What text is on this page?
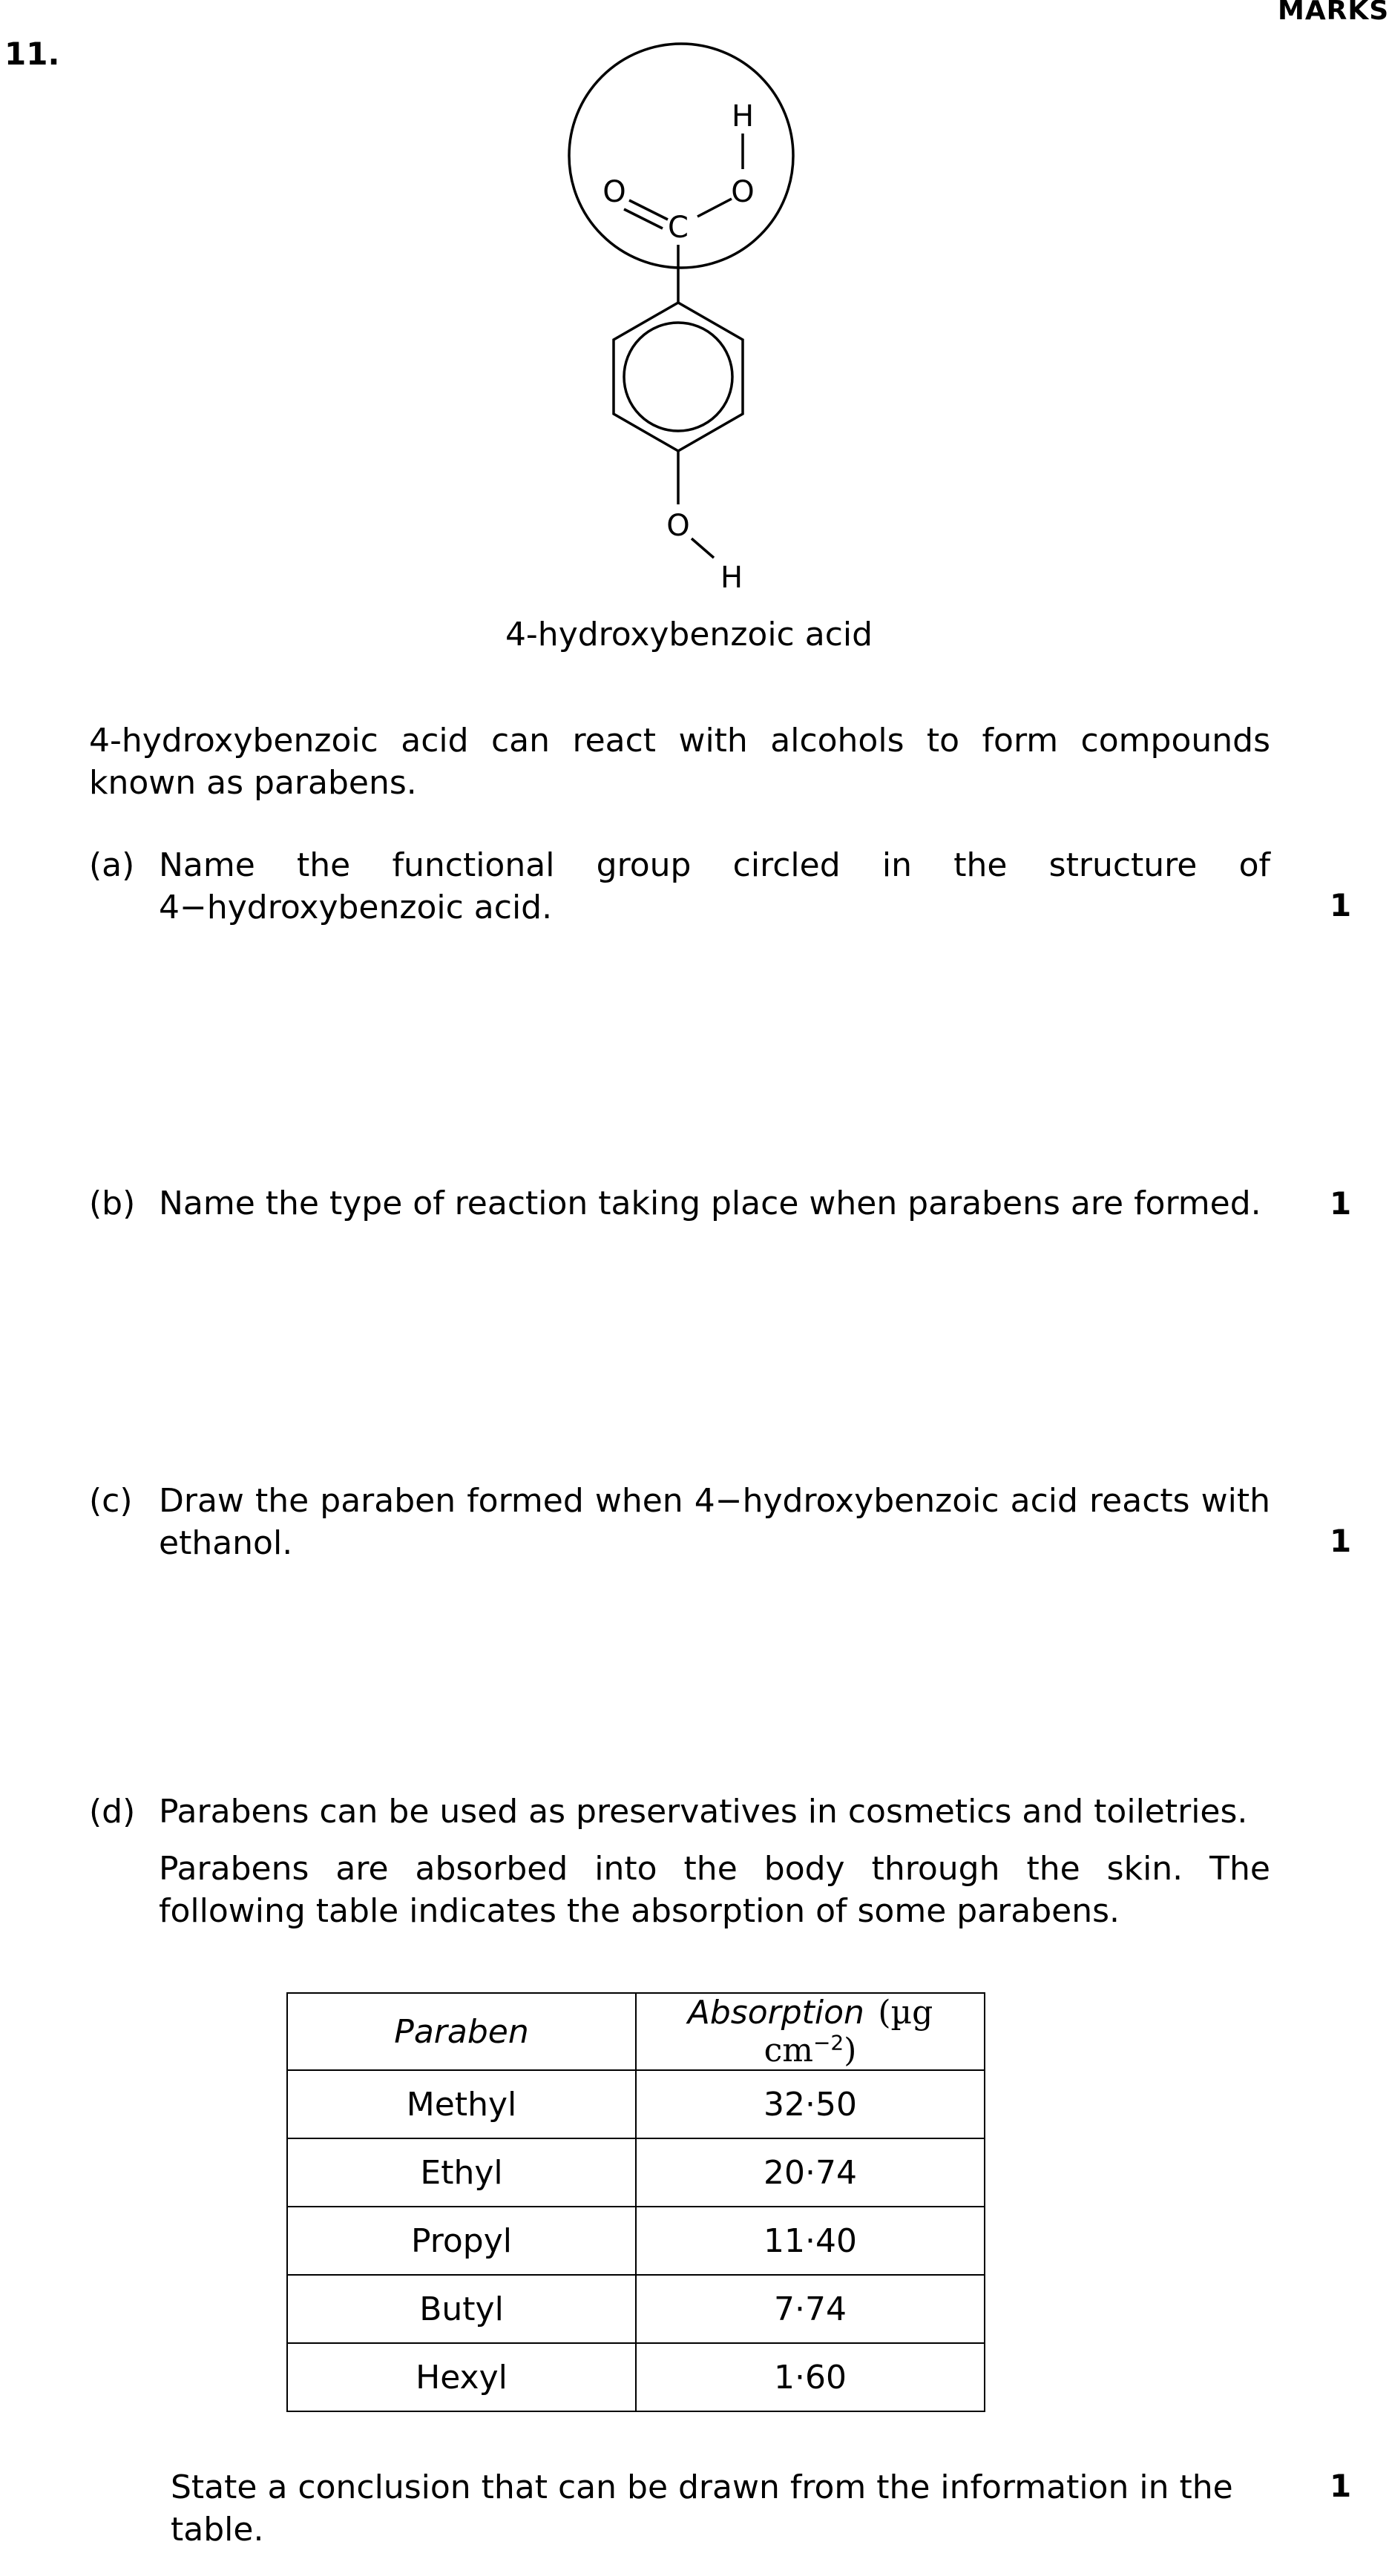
MARKS
11.
O	O
H
C
O
H
4-hydroxybenzoic acid
4-hydroxybenzoic acid can react with alcohols to form compounds known as parabens.
(a) Name the functional group circled in the structure of 4−hydroxybenzoic acid.	1
(b) Name the type of reaction taking place when parabens are formed.	1
(c) Draw the paraben formed when 4−hydroxybenzoic acid reacts with ethanol.	1
(d) Parabens can be used as preservatives in cosmetics and toiletries.
Parabens are absorbed into the body through the skin. The following table indicates the absorption of some parabens.
Paraben	Absorption  (µg $cm^{-2}$)
Methyl	32·50
Ethyl	20·74
Propyl	11·40
Butyl	7·74
Hexyl	1·60
State a conclusion that can be drawn from the information in the table.
1
